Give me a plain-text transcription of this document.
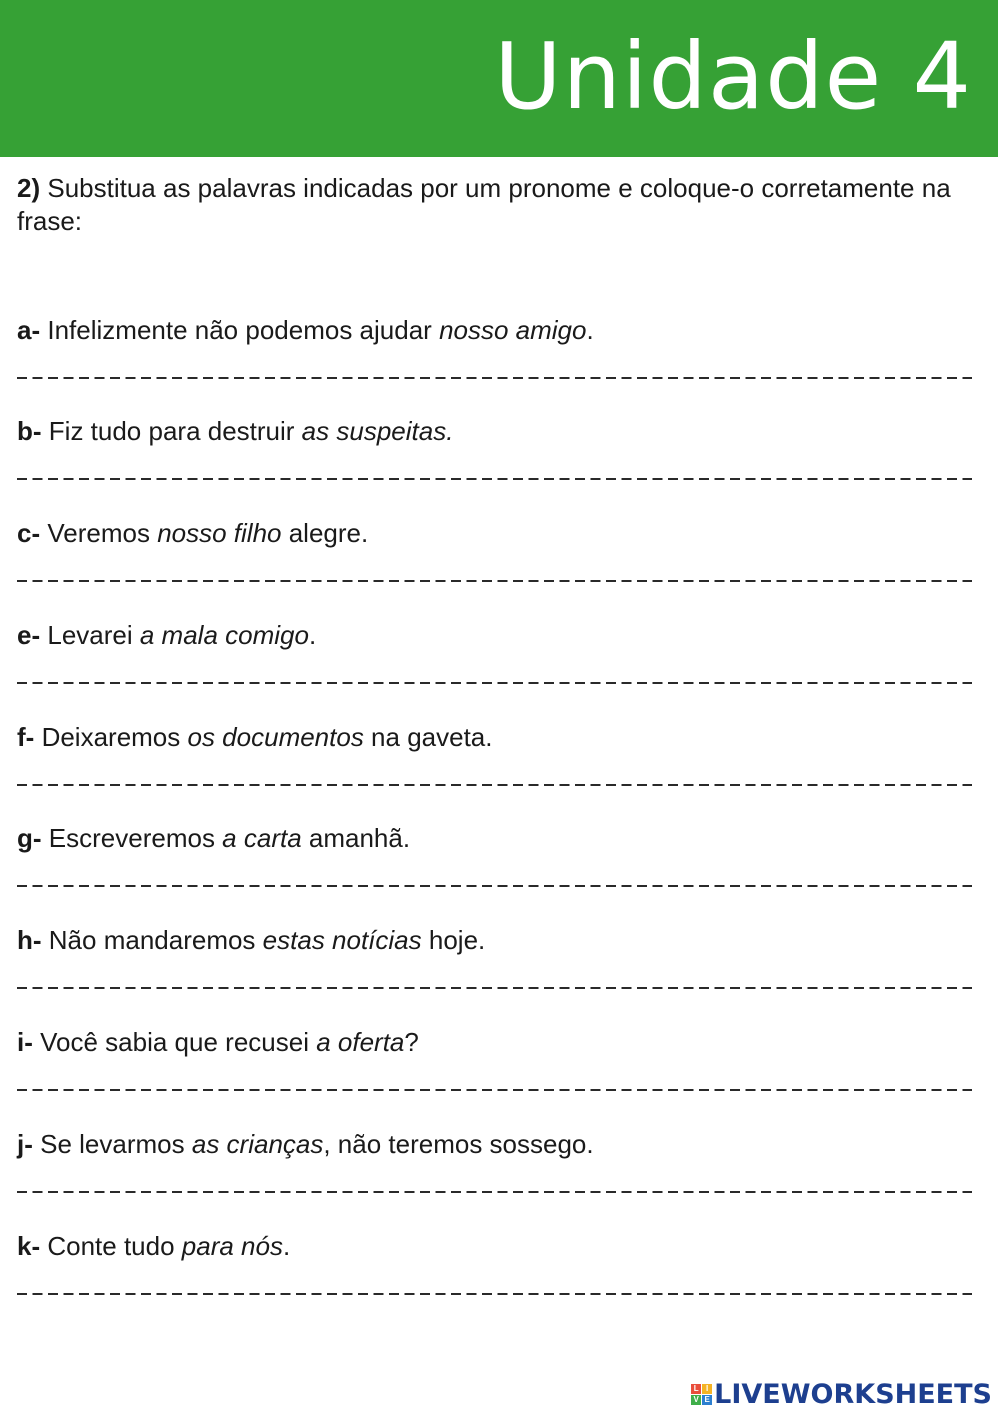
Unidade 4
2) Substitua as palavras indicadas por um pronome e coloque-o corretamente na frase:
a- Infelizmente não podemos ajudar nosso amigo.
b- Fiz tudo para destruir as suspeitas.
c- Veremos nosso filho alegre.
e- Levarei a mala comigo.
f- Deixaremos os documentos na gaveta.
g- Escreveremos a carta amanhã.
h- Não mandaremos estas notícias hoje.
i- Você sabia que recusei a oferta?
j- Se levarmos as crianças, não teremos sossego.
k- Conte tudo para nós.
L I
V E LIVEWORKSHEETS
